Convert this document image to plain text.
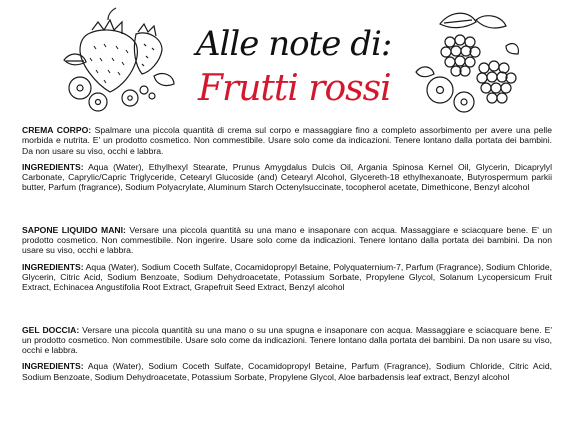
Alle note di:
Frutti rossi

CREMA CORPO: Spalmare una piccola quantità di crema sul corpo e massaggiare fino a completo assorbimento per avere una pelle morbida e nutrita. E' un prodotto cosmetico. Non commestibile. Usare solo come da indicazioni. Tenere lontano dalla portata dei bambini. Da non usare su viso, occhi e labbra.

INGREDIENTS: Aqua (Water), Ethylhexyl Stearate, Prunus Amygdalus Dulcis Oil, Argania Spinosa Kernel Oil, Glycerin, Dicaprylyl Carbonate, Caprylic/Capric Triglyceride, Cetearyl Glucoside (and) Cetearyl Alcohol, Glycereth-18 ethylhexanoate, Butyrospermum parkii butter, Parfum (fragrance), Sodium Polyacrylate, Aluminum Starch Octenylsuccinate, tocopherol acetate, Dimethicone, Benzyl alcohol

SAPONE LIQUIDO MANI: Versare una piccola quantità su una mano e insaponare con acqua. Massaggiare e sciacquare bene. E' un prodotto cosmetico. Non commestibile. Non ingerire. Usare solo come da indicazioni. Tenere lontano dalla portata dei bambini. Da non usare su viso, occhi e labbra.

INGREDIENTS: Aqua (Water), Sodium Coceth Sulfate, Cocamidopropyl Betaine, Polyquaternium-7, Parfum (Fragrance), Sodium Chloride, Glycerin, Citric Acid, Sodium Benzoate, Sodium Dehydroacetate, Potassium Sorbate, Propylene Glycol, Solanum Lycopersicum Fruit Extract, Echinacea Angustifolia Root Extract, Grapefruit Seed Extract, Benzyl alcohol

GEL DOCCIA: Versare una piccola quantità su una mano o su una spugna e insaponare con acqua. Massaggiare e sciacquare bene. E' un prodotto cosmetico. Non commestibile. Usare solo come da indicazioni. Tenere lontano dalla portata dei bambini. Da non usare su viso, occhi e labbra.

INGREDIENTS: Aqua (Water), Sodium Coceth Sulfate, Cocamidopropyl Betaine, Parfum (Fragrance), Sodium Chloride, Citric Acid, Sodium Benzoate, Sodium Dehydroacetate, Potassium Sorbate, Propylene Glycol, Aloe barbadensis leaf extract, Benzyl alcohol
